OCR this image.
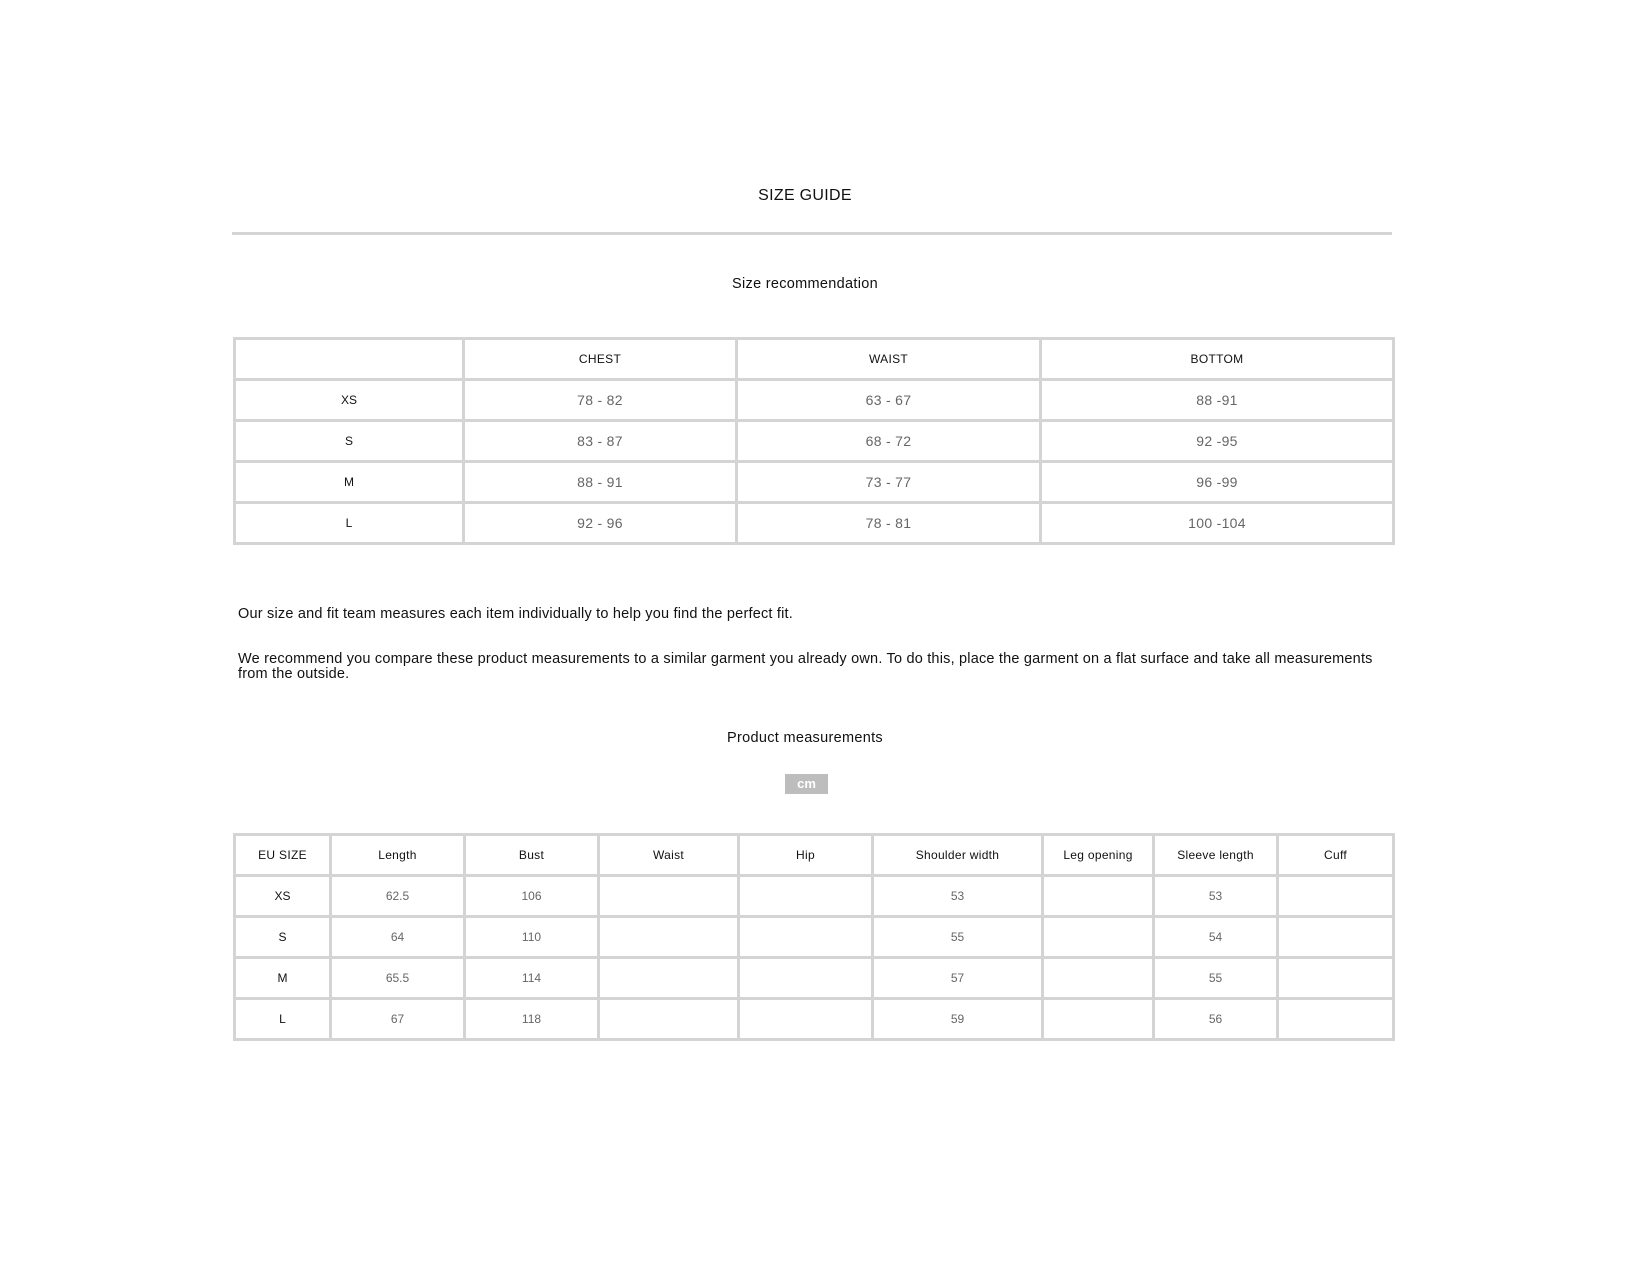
SIZE GUIDE
Size recommendation
	CHEST	WAIST	BOTTOM
XS	78 - 82	63 - 67	88 -91
S	83 - 87	68 - 72	92 -95
M	88 - 91	73 - 77	96 -99
L	92 - 96	78 - 81	100 -104
Our size and fit team measures each item individually to help you find the perfect fit.
We recommend you compare these product measurements to a similar garment you already own. To do this, place the garment on a flat surface and take all measurements from the outside.
Product measurements
cm
EU SIZE	Length	Bust	Waist	Hip	Shoulder width	Leg opening	Sleeve length	Cuff
XS	62.5	106			53		53	
S	64	110			55		54	
M	65.5	114			57		55	
L	67	118			59		56	
